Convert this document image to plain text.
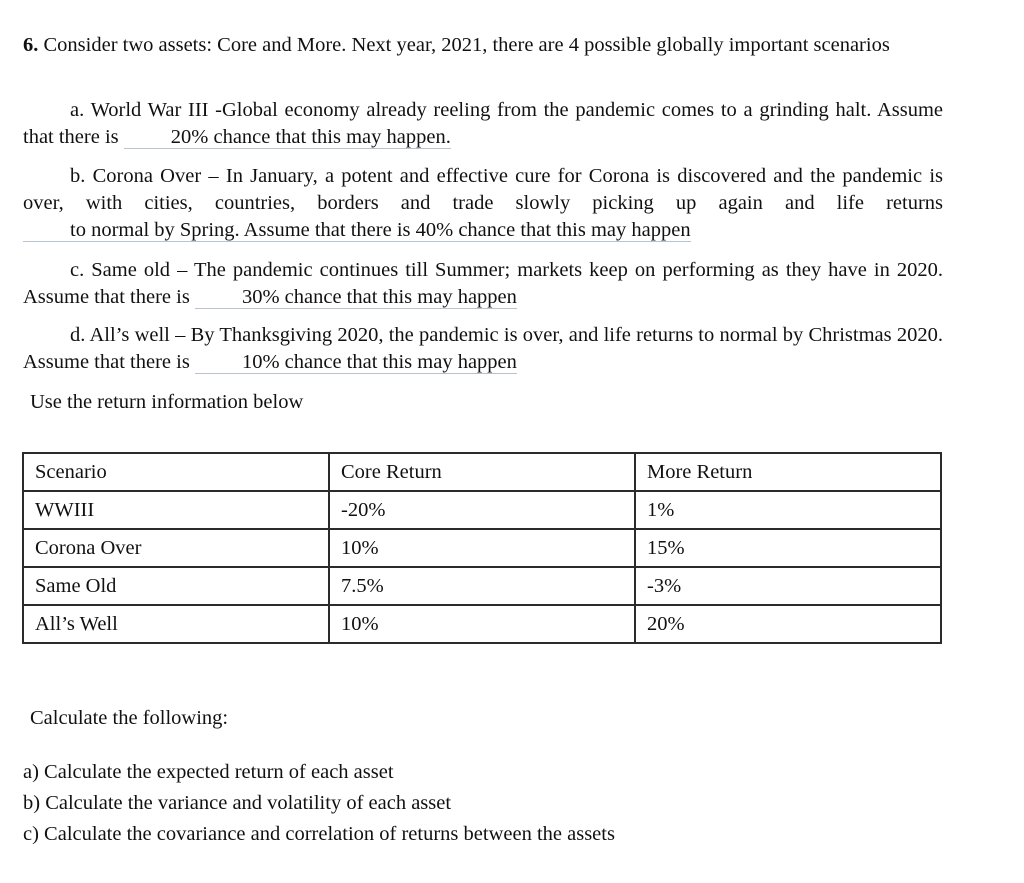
6. Consider two assets: Core and More. Next year, 2021, there are 4 possible globally important scenarios

a. World War III -Global economy already reeling from the pandemic comes to a grinding halt. Assume that there is	20% chance that this may happen.

b. Corona Over – In January, a potent and effective cure for Corona is discovered and the pandemic is over, with cities, countries, borders and trade slowly picking up again and life returns to normal by Spring. Assume that there is 40% chance that this may happen

c. Same old – The pandemic continues till Summer; markets keep on performing as they have in 2020. Assume that there is	30% chance that this may happen

d. All’s well – By Thanksgiving 2020, the pandemic is over, and life returns to normal by Christmas 2020. Assume that there is	10% chance that this may happen

Use the return information below

Scenario	Core Return	More Return
WWIII	-20%	1%
Corona Over	10%	15%
Same Old	7.5%	-3%
All’s Well	10%	20%

Calculate the following:

a) Calculate the expected return of each asset
b) Calculate the variance and volatility of each asset
c) Calculate the covariance and correlation of returns between the assets
